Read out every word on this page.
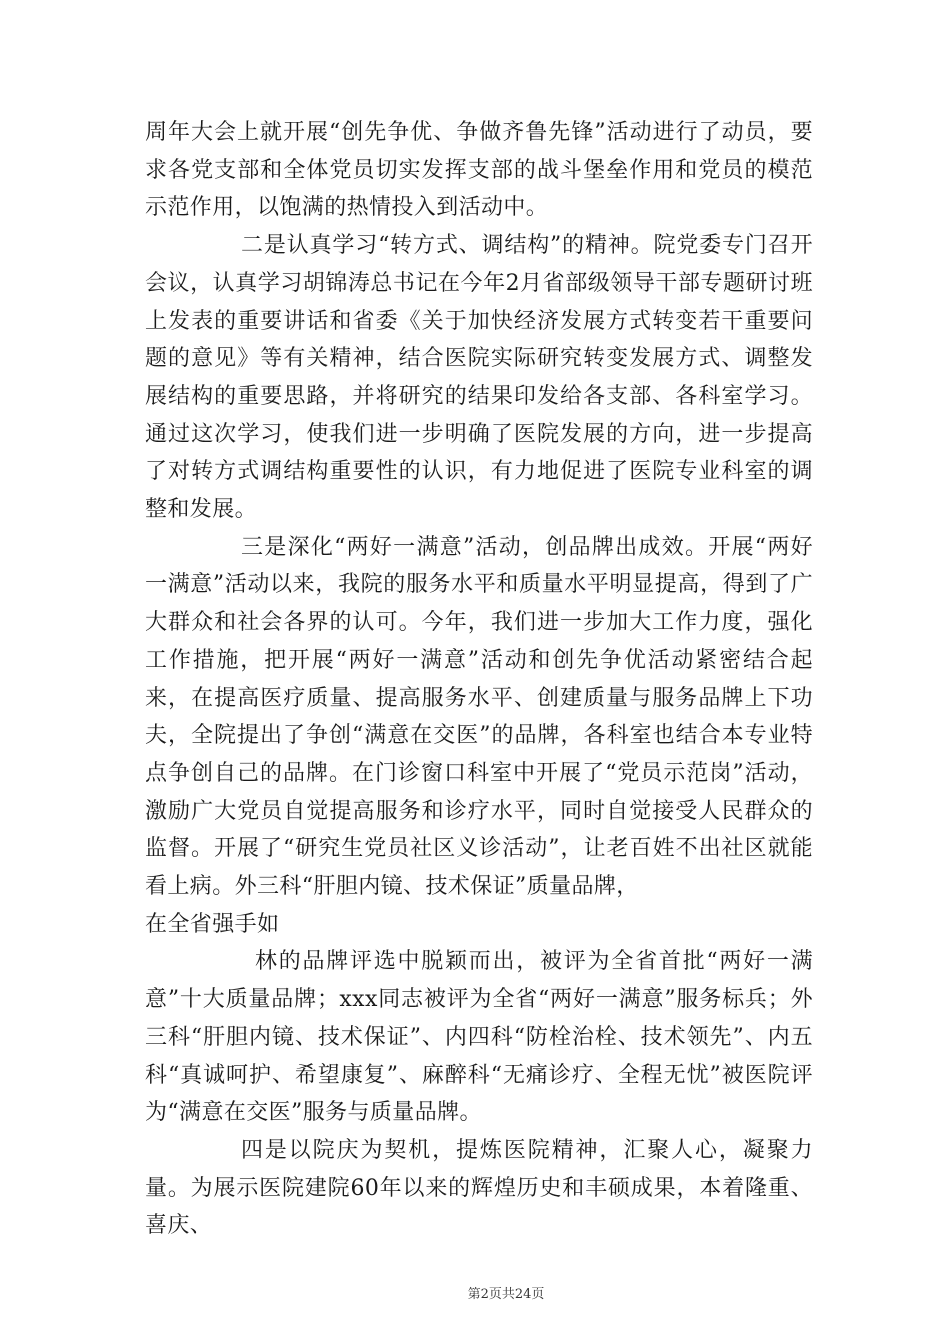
周年大会上就开展“创先争优、争做齐鲁先锋”活动进行了动员，要求各党支部和全体党员切实发挥支部的战斗堡垒作用和党员的模范示范作用，以饱满的热情投入到活动中。

二是认真学习“转方式、调结构”的精神。院党委专门召开会议，认真学习胡锦涛总书记在今年2月省部级领导干部专题研讨班上发表的重要讲话和省委《关于加快经济发展方式转变若干重要问题的意见》等有关精神，结合医院实际研究转变发展方式、调整发展结构的重要思路，并将研究的结果印发给各支部、各科室学习。通过这次学习，使我们进一步明确了医院发展的方向，进一步提高了对转方式调结构重要性的认识，有力地促进了医院专业科室的调整和发展。

三是深化“两好一满意”活动，创品牌出成效。开展“两好一满意”活动以来，我院的服务水平和质量水平明显提高，得到了广大群众和社会各界的认可。今年，我们进一步加大工作力度，强化工作措施，把开展“两好一满意”活动和创先争优活动紧密结合起来，在提高医疗质量、提高服务水平、创建质量与服务品牌上下功夫，全院提出了争创“满意在交医”的品牌，各科室也结合本专业特点争创自己的品牌。在门诊窗口科室中开展了“党员示范岗”活动，激励广大党员自觉提高服务和诊疗水平，同时自觉接受人民群众的监督。开展了“研究生党员社区义诊活动”，让老百姓不出社区就能看上病。外三科“肝胆内镜、技术保证”质量品牌，

在全省强手如

林的品牌评选中脱颖而出，被评为全省首批“两好一满意”十大质量品牌；xxx同志被评为全省“两好一满意”服务标兵；外三科“肝胆内镜、技术保证”、内四科“防栓治栓、技术领先”、内五科“真诚呵护、希望康复”、麻醉科“无痛诊疗、全程无忧”被医院评为“满意在交医”服务与质量品牌。

四是以院庆为契机，提炼医院精神，汇聚人心，凝聚力量。为展示医院建院60年以来的辉煌历史和丰硕成果，本着隆重、喜庆、

第2页共24页
